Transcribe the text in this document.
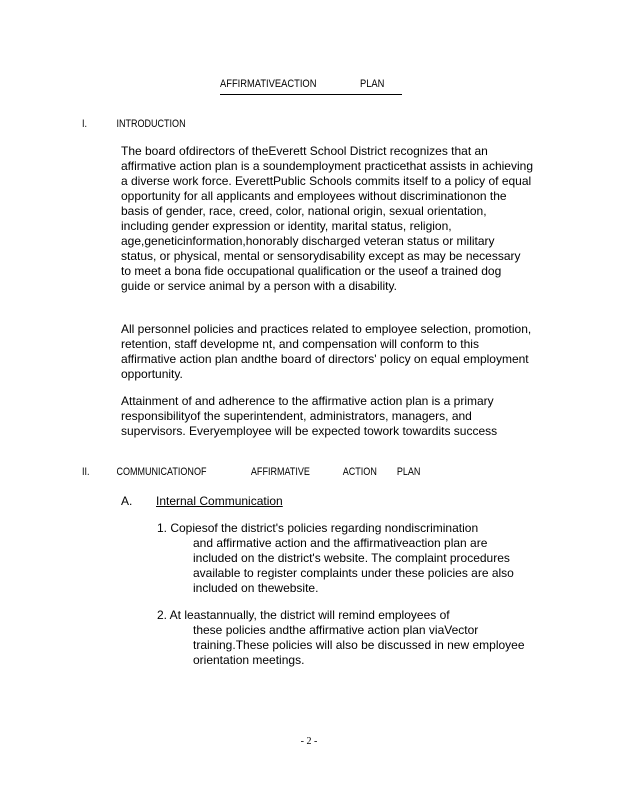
AFFIRMATIVEACTION	PLAN
I.	INTRODUCTION

The board ofdirectors of theEverett School District recognizes that an affirmative action plan is a soundemployment practicethat assists in achieving a diverse work force. EverettPublic Schools commits itself to a policy of equal opportunity for all applicants and employees without discriminationon the basis of gender, race, creed, color, national origin, sexual orientation, including gender expression or identity, marital status, religion, age,geneticinformation,honorably discharged veteran status or military status, or physical, mental or sensorydisability except as may be necessary to meet a bona fide occupational qualification or the useof a trained dog guide or service animal by a person with a disability.

All personnel policies and practices related to employee selection, promotion, retention, staff developme nt, and compensation will conform to this affirmative action plan andthe board of directors' policy on equal employment opportunity.

Attainment of and adherence to the affirmative action plan is a primary responsibilityof the superintendent, administrators, managers, and supervisors. Everyemployee will be expected towork towardits success

II. COMMUNICATIONOF	AFFIRMATIVE	ACTION PLAN
A. Internal Communication
1. Copiesof the district's policies regarding nondiscrimination
and affirmative action and the affirmativeaction plan are included on the district's website. The complaint procedures available to register complaints under these policies are also included on thewebsite.
2. At leastannually, the district will remind employees of
these policies andthe affirmative action plan viaVector training.These policies will also be discussed in new employee orientation meetings.
- 2 -
